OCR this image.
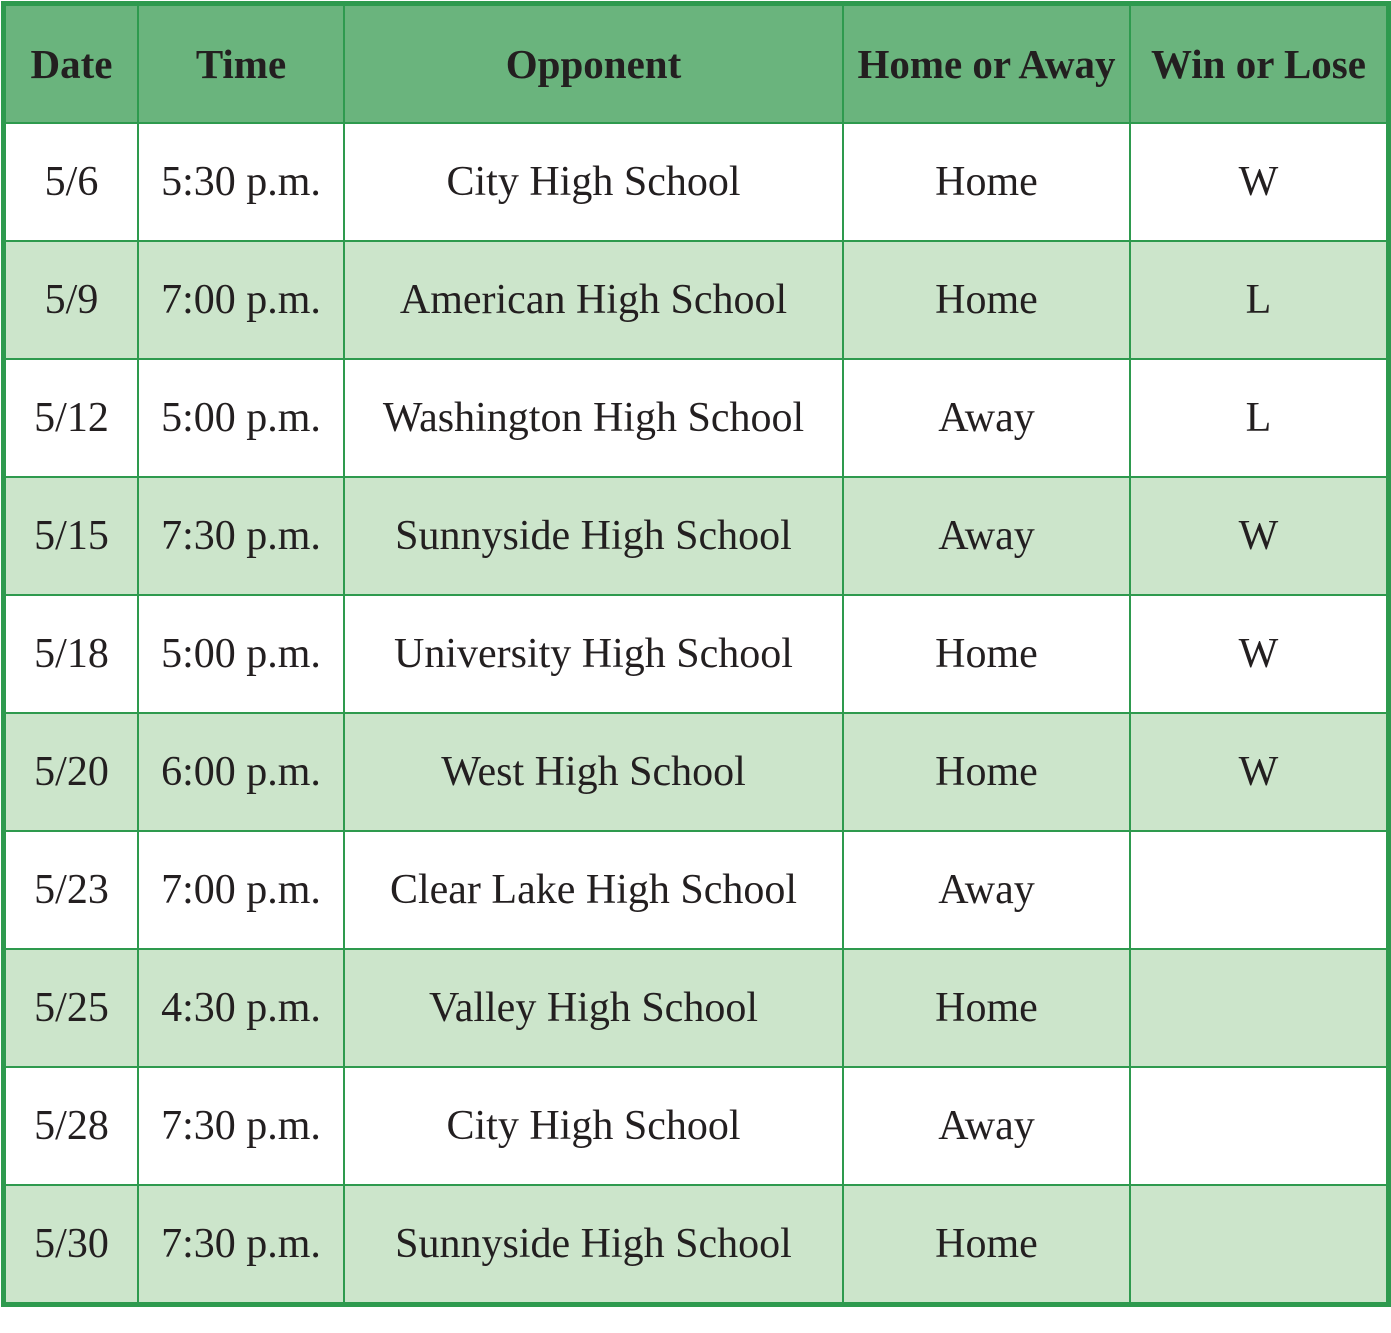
Date	Time	Opponent	Home or Away	Win or Lose
5/6	5:30 p.m.	City High School	Home	W
5/9	7:00 p.m.	American High School	Home	L
5/12	5:00 p.m.	Washington High School	Away	L
5/15	7:30 p.m.	Sunnyside High School	Away	W
5/18	5:00 p.m.	University High School	Home	W
5/20	6:00 p.m.	West High School	Home	W
5/23	7:00 p.m.	Clear Lake High School	Away	
5/25	4:30 p.m.	Valley High School	Home	
5/28	7:30 p.m.	City High School	Away	
5/30	7:30 p.m.	Sunnyside High School	Home	
